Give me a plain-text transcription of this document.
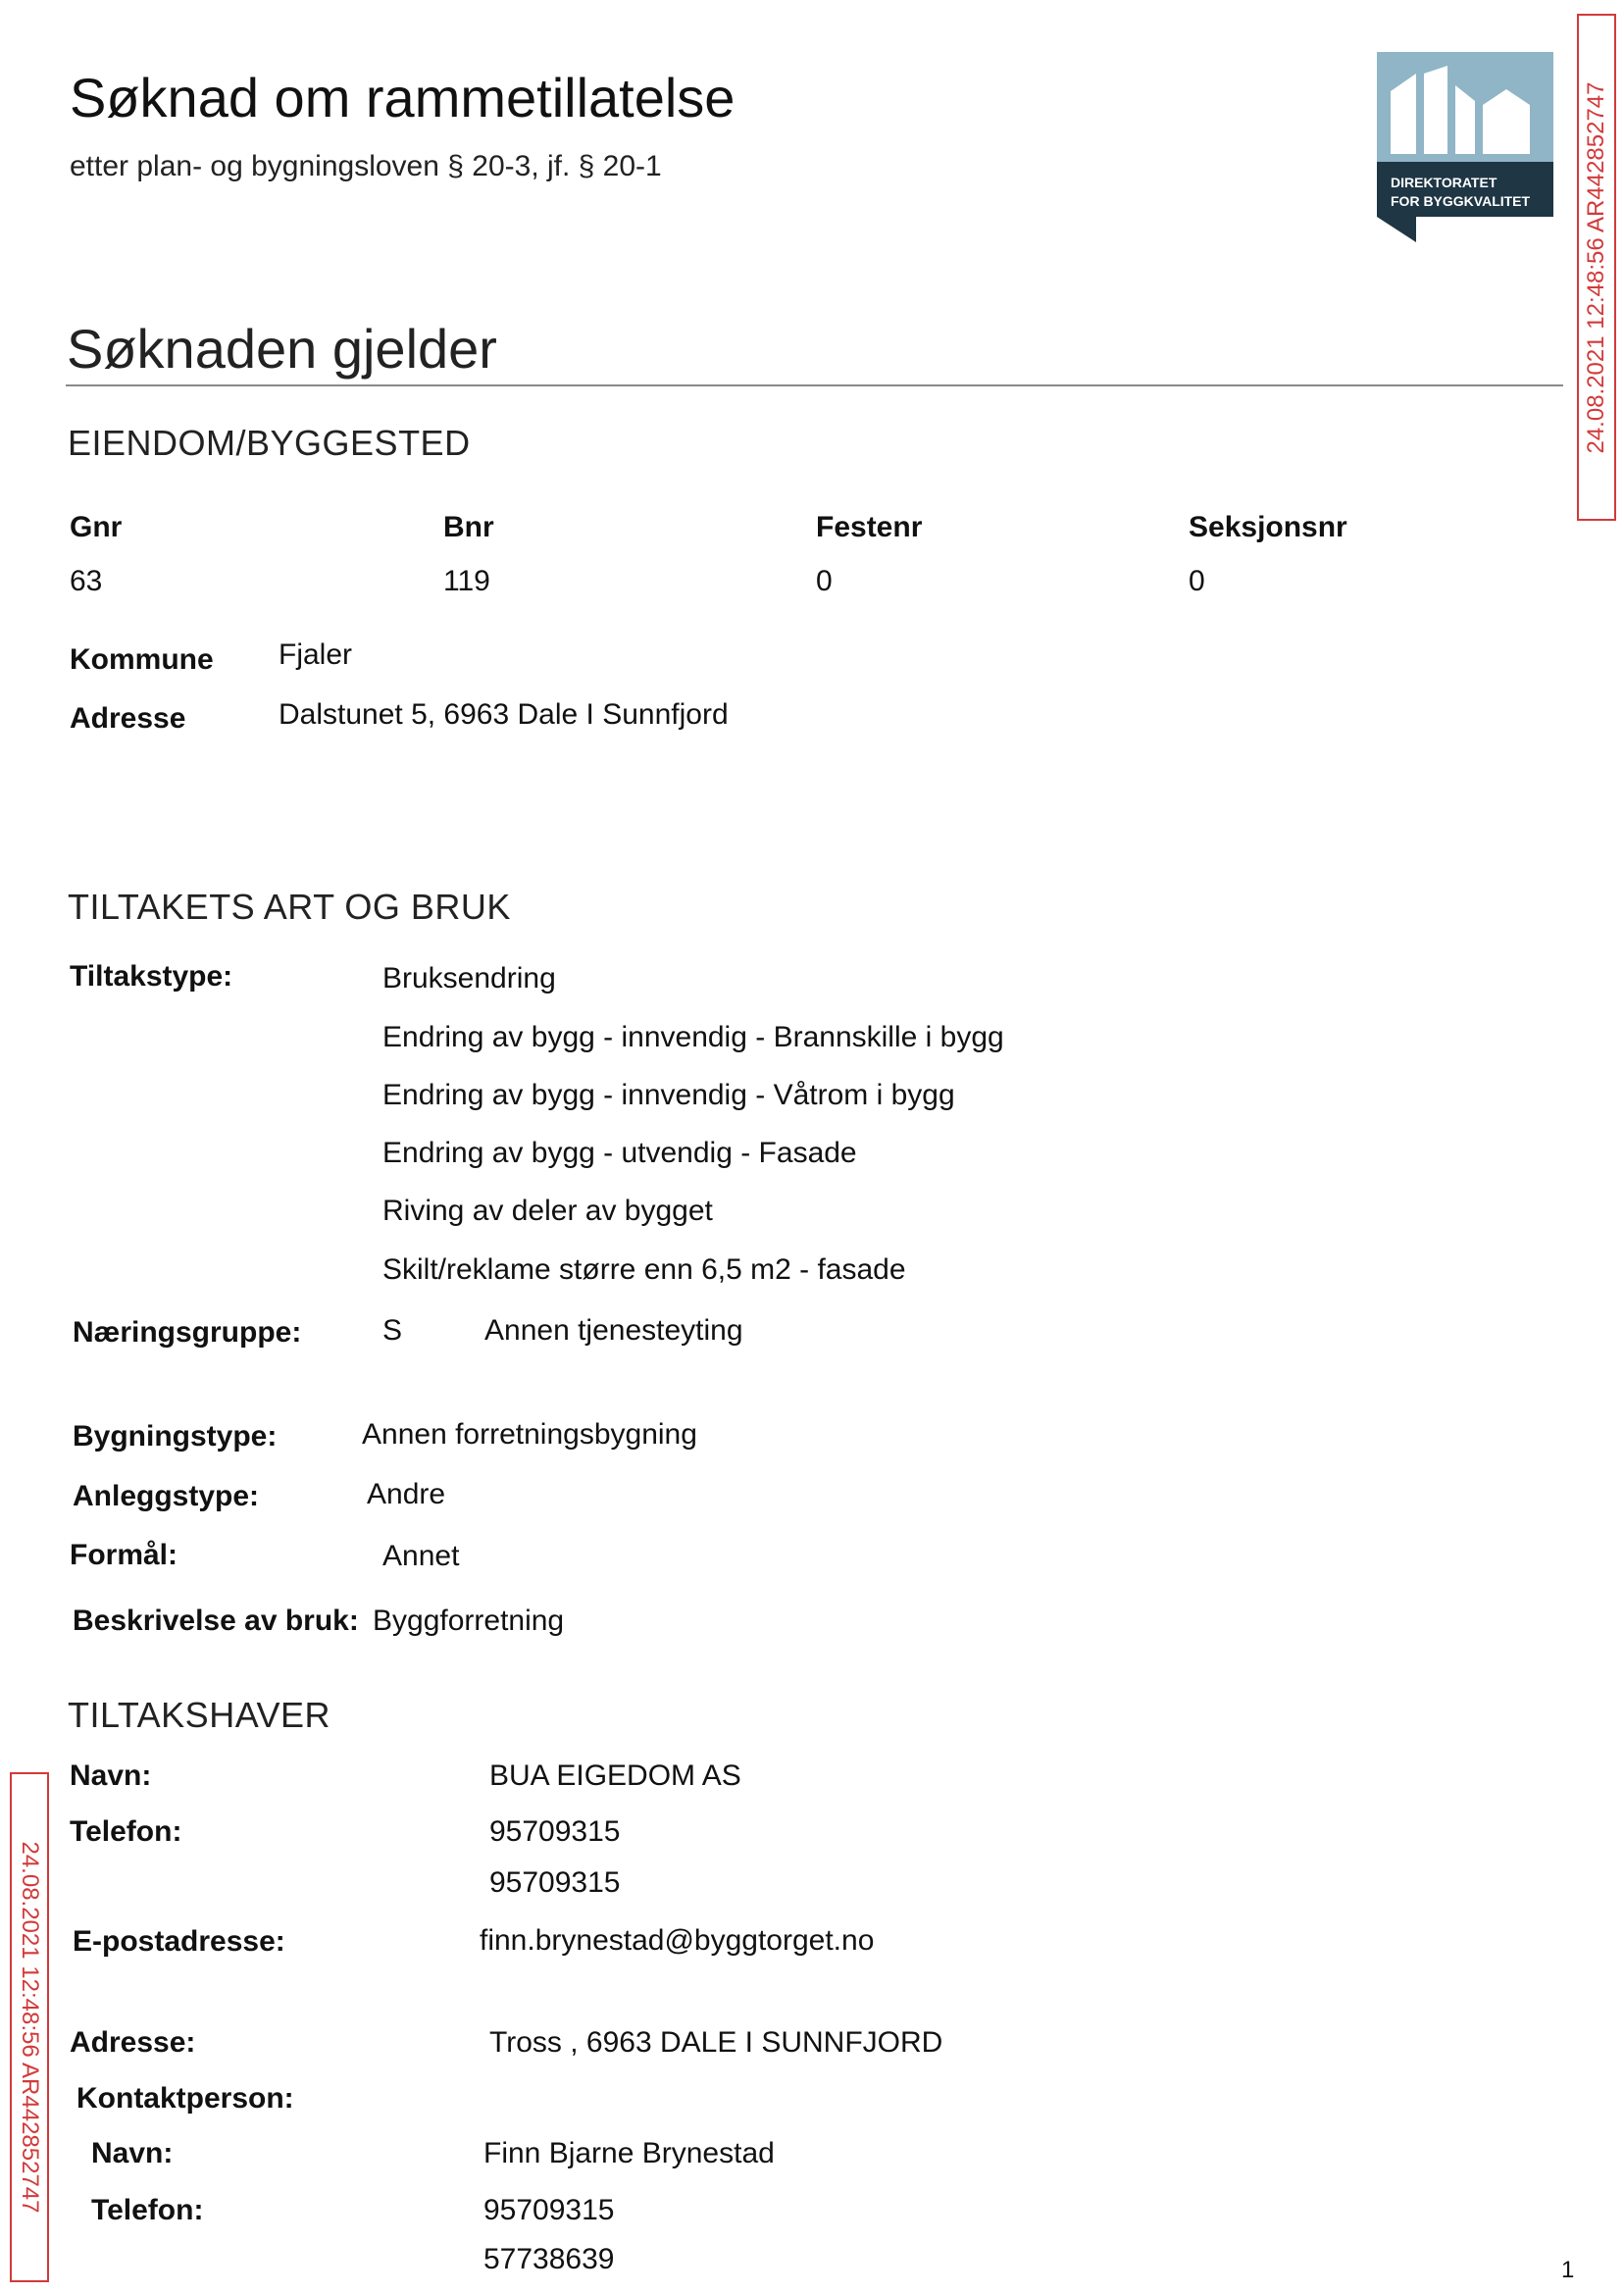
Søknad om rammetillatelse
etter plan- og bygningsloven § 20-3, jf. § 20-1	DIREKTORATET
FOR BYGGKVALITET 24.08.2021 12:48:56 AR442852747
24.08.2021 12:48:56 AR442852747
Søknaden gjelder
EIENDOM/BYGGESTED
Gnr	Bnr	Festenr	Seksjonsnr
63	119	0	0
Kommune Fjaler
Adresse	Dalstunet 5, 6963 Dale I Sunnfjord
TILTAKETS ART OG BRUK
Tiltakstype:	Bruksendring
Endring av bygg - innvendig - Brannskille i bygg
Endring av bygg - innvendig - Våtrom i bygg
Endring av bygg - utvendig - Fasade
Riving av deler av bygget
Skilt/reklame større enn 6,5 m2 - fasade
Næringsgruppe:	S	Annen tjenesteyting
Bygningstype:	Annen forretningsbygning
Anleggstype:	Andre
Formål:	Annet
Beskrivelse av bruk: Byggforretning
TILTAKSHAVER
Navn:	BUA EIGEDOM AS
Telefon:	95709315
95709315
E-postadresse:	finn.brynestad@byggtorget.no
Adresse:	Tross , 6963 DALE I SUNNFJORD
Kontaktperson:
Navn:	Finn Bjarne Brynestad
Telefon:	95709315
57738639	1
